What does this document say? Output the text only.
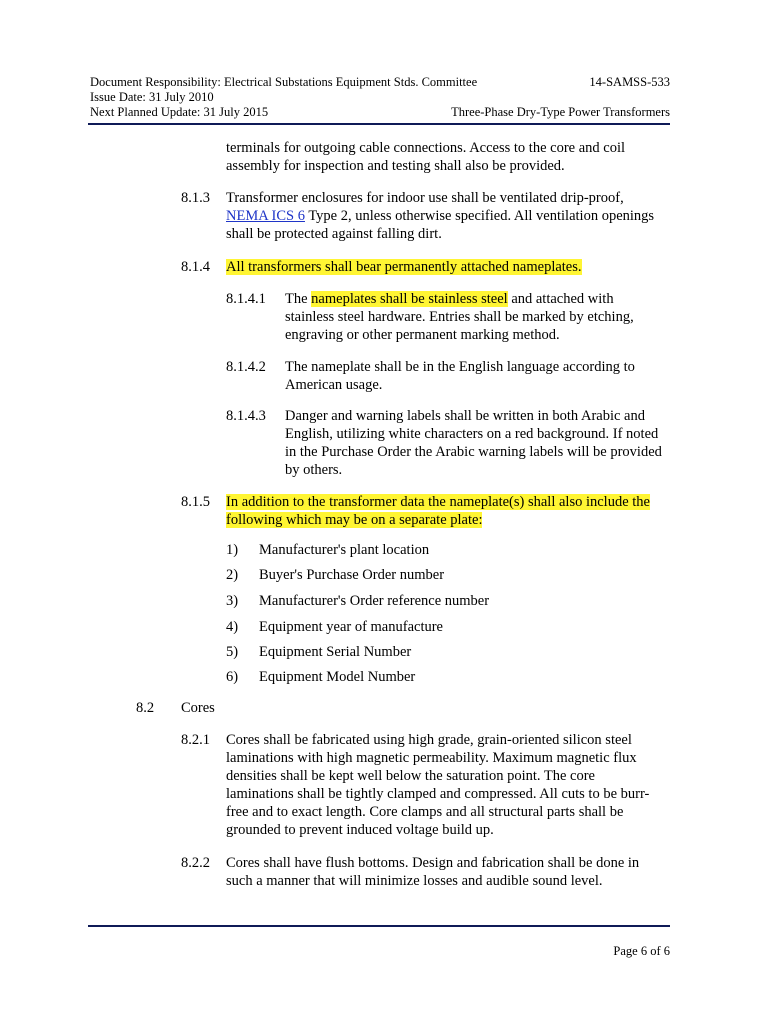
Document Responsibility: Electrical Substations Equipment Stds. Committee	14-SAMSS-533
Issue Date: 31 July 2010
Next Planned Update: 31 July 2015	Three-Phase Dry-Type Power Transformers
terminals for outgoing cable connections. Access to the core and coil assembly for inspection and testing shall also be provided.
8.1.3 Transformer enclosures for indoor use shall be ventilated drip-proof,
NEMA ICS 6 Type 2, unless otherwise specified. All ventilation openings shall be protected against falling dirt.
8.1.4 All transformers shall bear permanently attached nameplates.
8.1.4.1 The nameplates shall be stainless steel and attached with stainless steel hardware. Entries shall be marked by etching, engraving or other permanent marking method.
8.1.4.2 The nameplate shall be in the English language according to American usage.
8.1.4.3 Danger and warning labels shall be written in both Arabic and English, utilizing white characters on a red background. If noted in the Purchase Order the Arabic warning labels will be provided by others.
8.1.5 In addition to the transformer data the nameplate(s) shall also include the following which may be on a separate plate:
1) Manufacturer's plant location
2) Buyer's Purchase Order number
3) Manufacturer's Order reference number
4) Equipment year of manufacture
5) Equipment Serial Number
6) Equipment Model Number
8.2 Cores
8.2.1 Cores shall be fabricated using high grade, grain-oriented silicon steel laminations with high magnetic permeability. Maximum magnetic flux densities shall be kept well below the saturation point. The core laminations shall be tightly clamped and compressed. All cuts to be burr-free and to exact length. Core clamps and all structural parts shall be grounded to prevent induced voltage build up.
8.2.2 Cores shall have flush bottoms. Design and fabrication shall be done in such a manner that will minimize losses and audible sound level.
Page 6 of 6
